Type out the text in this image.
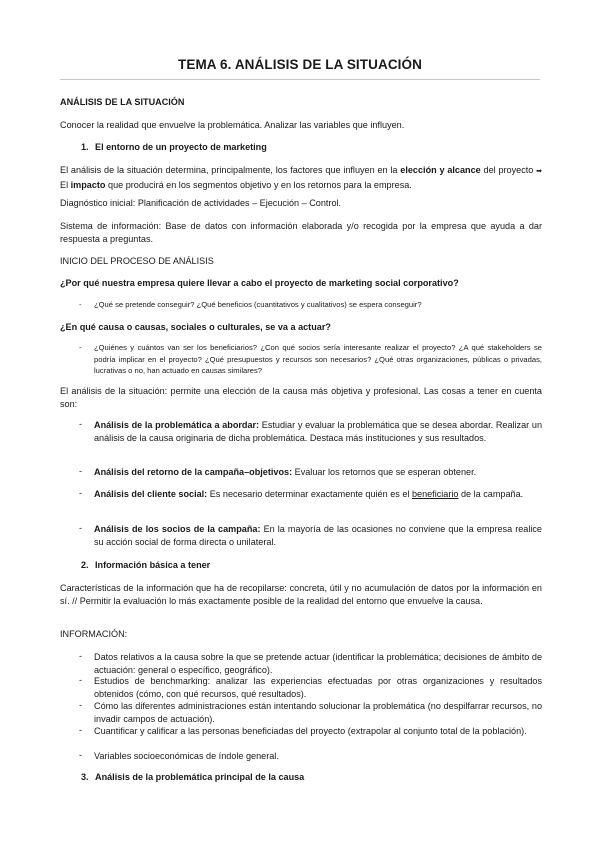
TEMA 6. ANÁLISIS DE LA SITUACIÓN
ANÁLISIS DE LA SITUACIÓN
Conocer la realidad que envuelve la problemática. Analizar las variables que influyen.
1. El entorno de un proyecto de marketing
El análisis de la situación determina, principalmente, los factores que influyen en la elección y alcance del proyecto ➡ El impacto que producirá en los segmentos objetivo y en los retornos para la empresa.
Diagnóstico inicial: Planificación de actividades – Ejecución – Control.
Sistema de información: Base de datos con información elaborada y/o recogida por la empresa que ayuda a dar respuesta a preguntas.
INICIO DEL PROCESO DE ANÁLISIS
¿Por qué nuestra empresa quiere llevar a cabo el proyecto de marketing social corporativo?
- ¿Qué se pretende conseguir? ¿Qué beneficios (cuantitativos y cualitativos) se espera conseguir?
¿En qué causa o causas, sociales o culturales, se va a actuar?
- ¿Quiénes y cuántos van ser los beneficiarios? ¿Con qué socios sería interesante realizar el proyecto? ¿A qué stakeholders se podría implicar en el proyecto? ¿Qué presupuestos y recursos son necesarios? ¿Qué otras organizaciones, públicas o privadas, lucrativas o no, han actuado en causas similares?
El análisis de la situación: permite una elección de la causa más objetiva y profesional. Las cosas a tener en cuenta son:
- Análisis de la problemática a abordar: Estudiar y evaluar la problemática que se desea abordar. Realizar un análisis de la causa originaria de dicha problemática. Destaca más instituciones y sus resultados.
- Análisis del retorno de la campaña–objetivos: Evaluar los retornos que se esperan obtener.
- Análisis del cliente social: Es necesario determinar exactamente quién es el beneficiario de la campaña.
- Análisis de los socios de la campaña: En la mayoría de las ocasiones no conviene que la empresa realice su acción social de forma directa o unilateral.
2. Información básica a tener
Características de la información que ha de recopilarse: concreta, útil y no acumulación de datos por la información en sí. // Permitir la evaluación lo más exactamente posible de la realidad del entorno que envuelve la causa.
INFORMACIÓN:
- Datos relativos a la causa sobre la que se pretende actuar (identificar la problemática; decisiones de ámbito de actuación: general o específico, geográfico).
- Estudios de benchmarking: analizar las experiencias efectuadas por otras organizaciones y resultados obtenidos (cómo, con qué recursos, qué resultados).
- Cómo las diferentes administraciones están intentando solucionar la problemática (no despilfarrar recursos, no invadir campos de actuación).
- Cuantificar y calificar a las personas beneficiadas del proyecto (extrapolar al conjunto total de la población).
- Variables socioeconómicas de índole general.
3. Análisis de la problemática principal de la causa
